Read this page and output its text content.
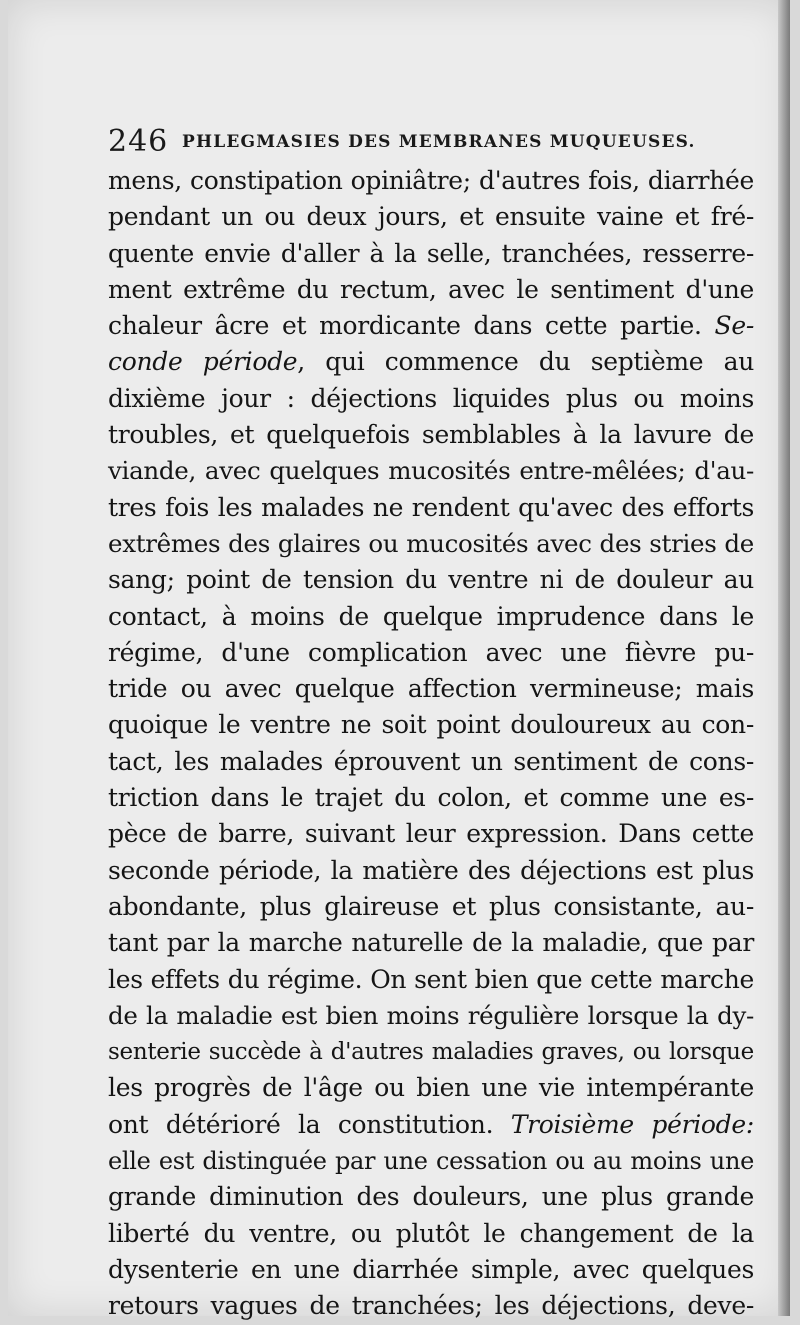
246 PHLEGMASIES DES MEMBRANES MUQUEUSES.
mens, constipation opiniâtre; d'autres fois, diarrhée
pendant un ou deux jours, et ensuite vaine et fré-
quente envie d'aller à la selle, tranchées, resserre-
ment extrême du rectum, avec le sentiment d'une
chaleur âcre et mordicante dans cette partie. Se-
conde période, qui commence du septième au
dixième jour : déjections liquides plus ou moins
troubles, et quelquefois semblables à la lavure de
viande, avec quelques mucosités entre-mêlées; d'au-
tres fois les malades ne rendent qu'avec des efforts
extrêmes des glaires ou mucosités avec des stries de
sang; point de tension du ventre ni de douleur au
contact, à moins de quelque imprudence dans le
régime, d'une complication avec une fièvre pu-
tride ou avec quelque affection vermineuse; mais
quoique le ventre ne soit point douloureux au con-
tact, les malades éprouvent un sentiment de cons-
triction dans le trajet du colon, et comme une es-
pèce de barre, suivant leur expression. Dans cette
seconde période, la matière des déjections est plus
abondante, plus glaireuse et plus consistante, au-
tant par la marche naturelle de la maladie, que par
les effets du régime. On sent bien que cette marche
de la maladie est bien moins régulière lorsque la dy-
senterie succède à d'autres maladies graves, ou lorsque
les progrès de l'âge ou bien une vie intempérante
ont détérioré la constitution. Troisième période:
elle est distinguée par une cessation ou au moins une
grande diminution des douleurs, une plus grande
liberté du ventre, ou plutôt le changement de la
dysenterie en une diarrhée simple, avec quelques
retours vagues de tranchées; les déjections, deve-
